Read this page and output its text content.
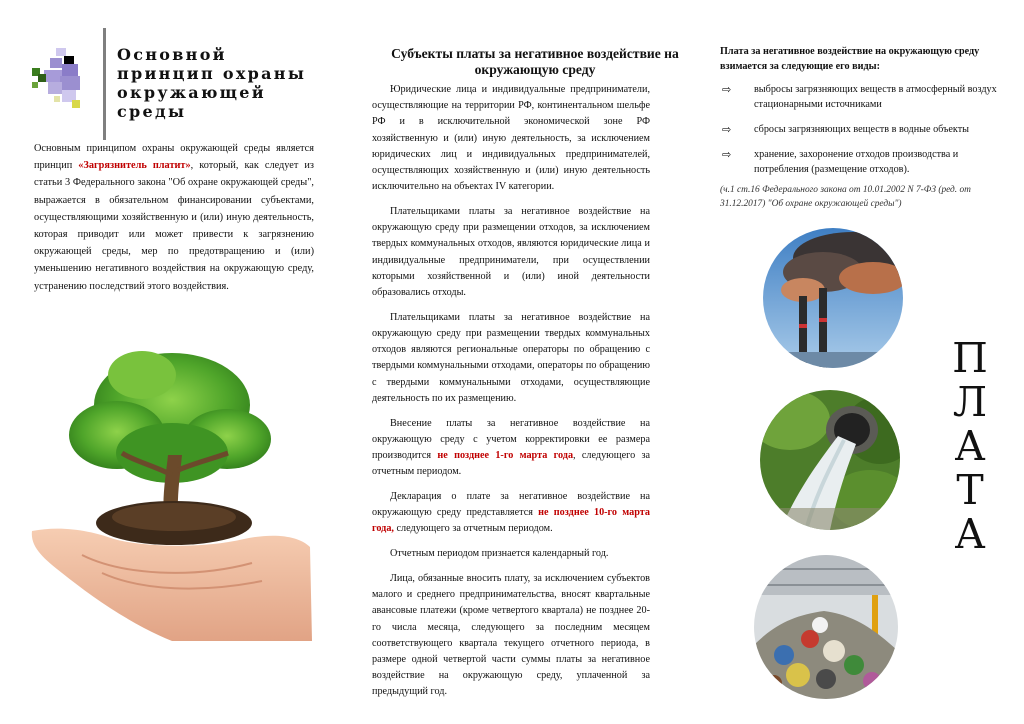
Основной
принцип охраны
окружающей
среды

Основным принципом охраны окружающей среды является принцип «Загрязнитель платит», который, как следует из статьи 3 Федерального закона "Об охране окружающей среды", выражается в обязательном финансировании субъектами, осуществляющими хозяйственную и (или) иную деятельность, которая приводит или может привести к загрязнению окружающей среды, мер по предотвращению и (или) уменьшению негативного воздействия на окружающую среду, устранению последствий этого воздействия.

Субъекты платы за негативное воздействие на окружающую среду

Юридические лица и индивидуальные предприниматели, осуществляющие на территории РФ, континентальном шельфе РФ и в исключительной экономической зоне РФ хозяйственную и (или) иную деятельность, за исключением юридических лиц и индивидуальных предпринимателей, осуществляющих хозяйственную и (или) иную деятельность исключительно на объектах IV категории.

Плательщиками платы за негативное воздействие на окружающую среду при размещении отходов, за исключением твердых коммунальных отходов, являются юридические лица и индивидуальные предприниматели, при осуществлении которыми хозяйственной и (или) иной деятельности образовались отходы.

Плательщиками платы за негативное воздействие на окружающую среду при размещении твердых коммунальных отходов являются региональные операторы по обращению с твердыми коммунальными отходами, операторы по обращению с твердыми коммунальными отходами, осуществляющие деятельность по их размещению.

Внесение платы за негативное воздействие на окружающую среду с учетом корректировки ее размера производится не позднее 1-го марта года, следующего за отчетным периодом.

Декларация о плате за негативное воздействие на окружающую среду представляется не позднее 10-го марта года, следующего за отчетным периодом.

Отчетным периодом признается календарный год.

Лица, обязанные вносить плату, за исключением субъектов малого и среднего предпринимательства, вносят квартальные авансовые платежи (кроме четвертого квартала) не позднее 20-го числа месяца, следующего за последним месяцем соответствующего квартала текущего отчетного периода, в размере одной четвертой части суммы платы за негативное воздействие на окружающую среду, уплаченной за предыдущий год.

Плата за негативное воздействие на окружающую среду взимается за следующие его виды:
⇨ выбросы загрязняющих веществ в атмосферный воздух стационарными источниками
⇨ сбросы загрязняющих веществ в водные объекты
⇨ хранение, захоронение отходов производства и потребления (размещение отходов).
(ч.1 ст.16 Федерального закона от 10.01.2002 N 7-ФЗ (ред. от 31.12.2017) "Об охране окружающей среды")
П
Л
А
Т
А
